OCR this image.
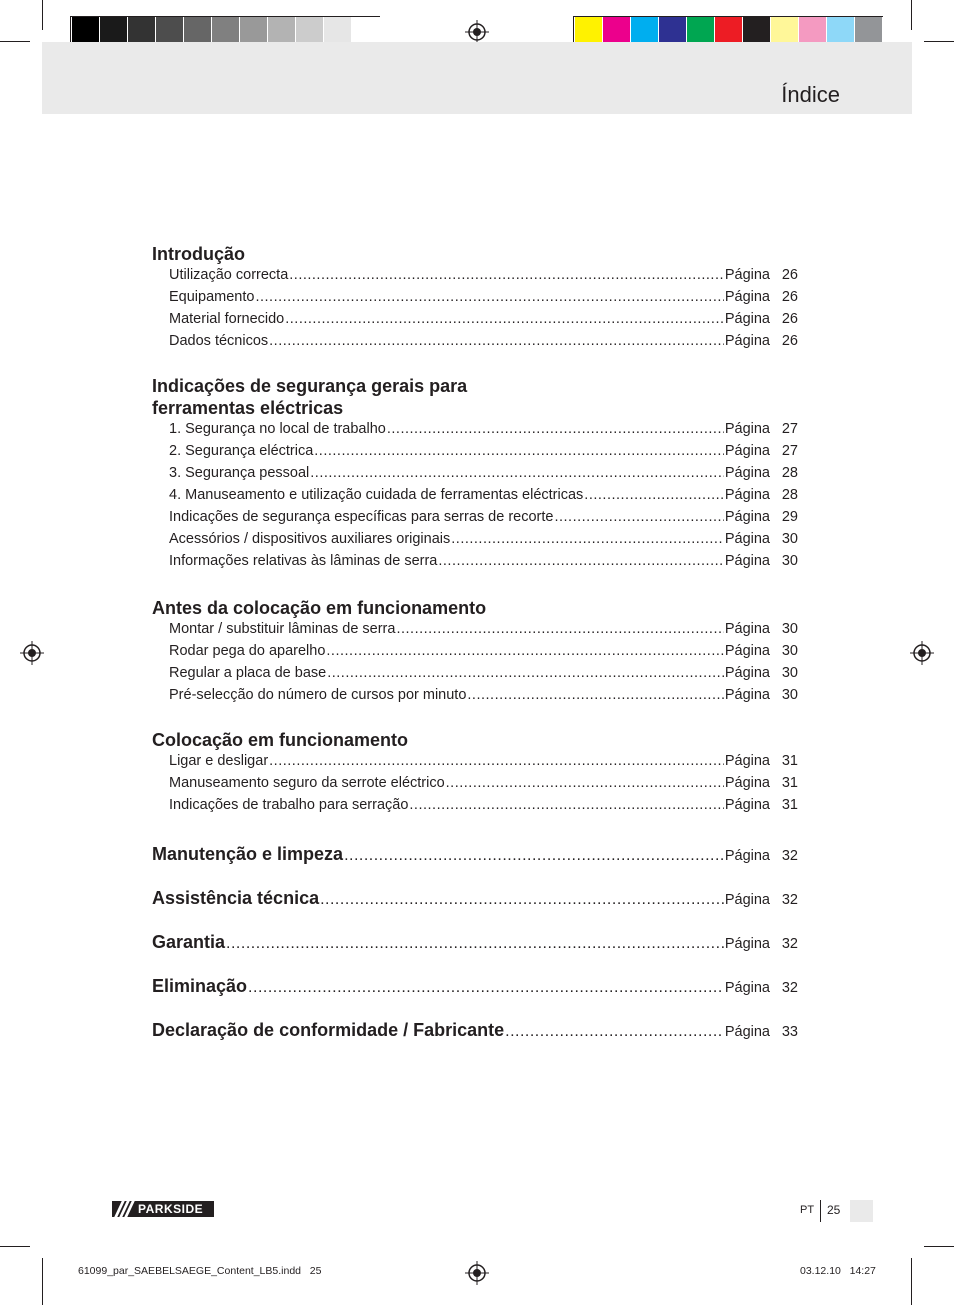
Índice
Introdução
Utilização correcta .....	Página 26
Equipamento .....	Página 26
Material fornecido .....	Página 26
Dados técnicos .....	Página 26
Indicações de segurança gerais para
ferramentas eléctricas
1. Segurança no local de trabalho .....	Página 27
2. Segurança eléctrica .....	Página 27
3. Segurança pessoal .....	Página 28
4. Manuseamento e utilização cuidada de ferramentas eléctricas .....	Página 28
Indicações de segurança específicas para serras de recorte .....	Página 29
Acessórios / dispositivos auxiliares originais .....	Página 30
Informações relativas às lâminas de serra .....	Página 30
Antes da colocação em funcionamento
Montar / substituir lâminas de serra .....	Página 30
Rodar pega do aparelho .....	Página 30
Regular a placa de base .....	Página 30
Pré-selecção do número de cursos por minuto .....	Página 30
Colocação em funcionamento
Ligar e desligar .....	Página 31
Manuseamento seguro da serrote eléctrico .....	Página 31
Indicações de trabalho para serração .....	Página 31
Manutenção e limpeza .....	Página 32
Assistência técnica .....	Página 32
Garantia .....	Página 32
Eliminação .....	Página 32
Declaração de conformidade / Fabricante .....	Página 33
PARKSIDE	PT 25
61099_par_SAEBELSAEGE_Content_LB5.indd   25	03.12.10   14:27
